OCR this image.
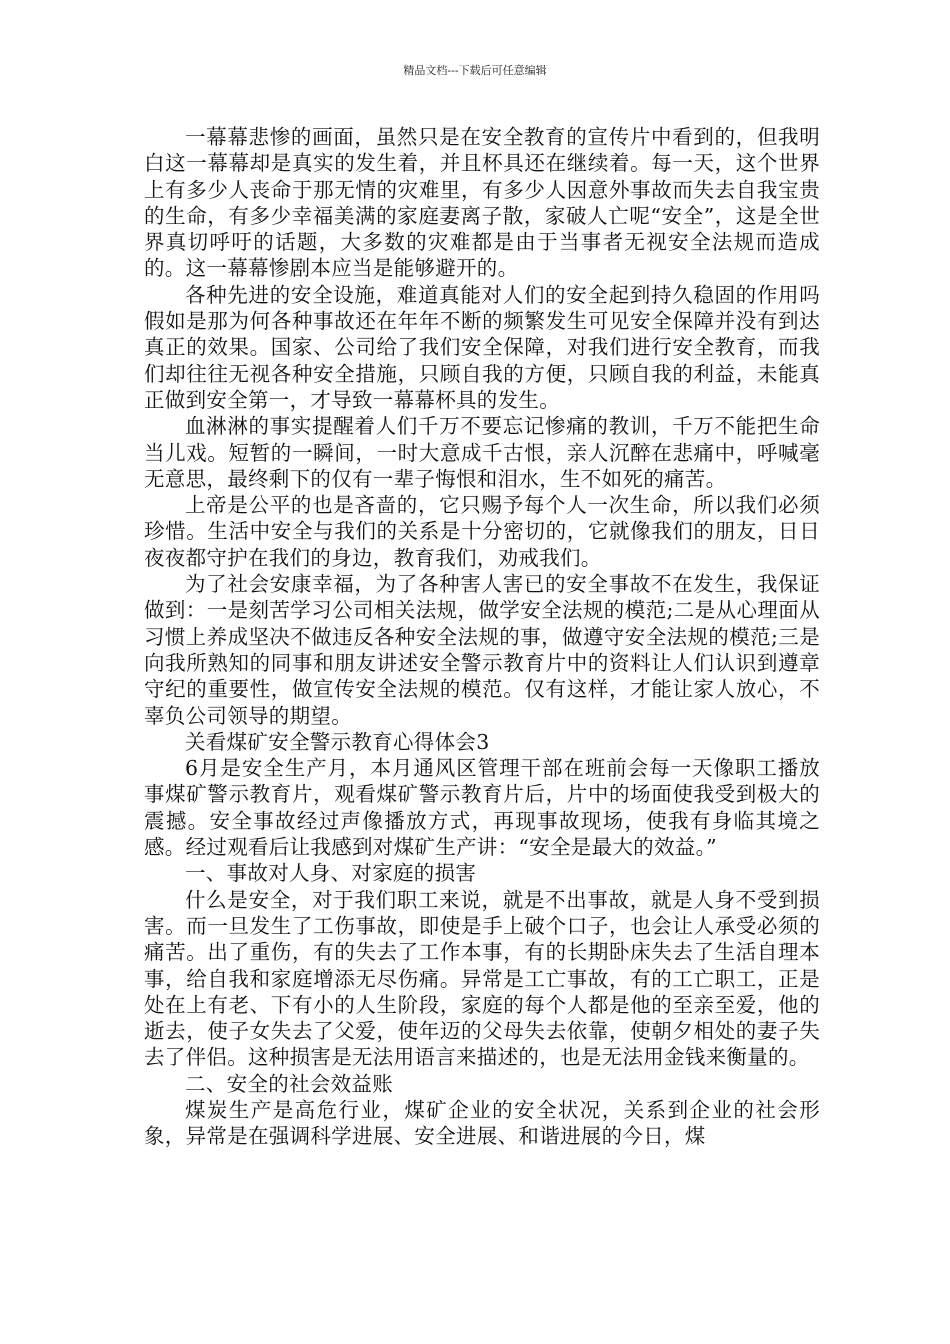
精品文档---下载后可任意编辑

一幕幕悲惨的画面，虽然只是在安全教育的宣传片中看到的，但我明白这一幕幕却是真实的发生着，并且杯具还在继续着。每一天，这个世界上有多少人丧命于那无情的灾难里，有多少人因意外事故而失去自我宝贵的生命，有多少幸福美满的家庭妻离子散，家破人亡呢“安全”，这是全世界真切呼吁的话题，大多数的灾难都是由于当事者无视安全法规而造成的。这一幕幕惨剧本应当是能够避开的。

各种先进的安全设施，难道真能对人们的安全起到持久稳固的作用吗假如是那为何各种事故还在年年不断的频繁发生可见安全保障并没有到达真正的效果。国家、公司给了我们安全保障，对我们进行安全教育，而我们却往往无视各种安全措施，只顾自我的方便，只顾自我的利益，未能真正做到安全第一，才导致一幕幕杯具的发生。

血淋淋的事实提醒着人们千万不要忘记惨痛的教训，千万不能把生命当儿戏。短暂的一瞬间，一时大意成千古恨，亲人沉醉在悲痛中，呼喊毫无意思，最终剩下的仅有一辈子悔恨和泪水，生不如死的痛苦。

上帝是公平的也是吝啬的，它只赐予每个人一次生命，所以我们必须珍惜。生活中安全与我们的关系是十分密切的，它就像我们的朋友，日日夜夜都守护在我们的身边，教育我们，劝戒我们。

为了社会安康幸福，为了各种害人害已的安全事故不在发生，我保证做到：一是刻苦学习公司相关法规，做学安全法规的模范;二是从心理面从习惯上养成坚决不做违反各种安全法规的事，做遵守安全法规的模范;三是向我所熟知的同事和朋友讲述安全警示教育片中的资料让人们认识到遵章守纪的重要性，做宣传安全法规的模范。仅有这样，才能让家人放心，不辜负公司领导的期望。

关看煤矿安全警示教育心得体会3

6月是安全生产月，本月通风区管理干部在班前会每一天像职工播放事煤矿警示教育片，观看煤矿警示教育片后，片中的场面使我受到极大的震撼。安全事故经过声像播放方式，再现事故现场，使我有身临其境之感。经过观看后让我感到对煤矿生产讲：“安全是最大的效益。”

一、事故对人身、对家庭的损害

什么是安全，对于我们职工来说，就是不出事故，就是人身不受到损害。而一旦发生了工伤事故，即使是手上破个口子，也会让人承受必须的痛苦。出了重伤，有的失去了工作本事，有的长期卧床失去了生活自理本事，给自我和家庭增添无尽伤痛。异常是工亡事故，有的工亡职工，正是处在上有老、下有小的人生阶段，家庭的每个人都是他的至亲至爱，他的逝去，使子女失去了父爱，使年迈的父母失去依靠，使朝夕相处的妻子失去了伴侣。这种损害是无法用语言来描述的，也是无法用金钱来衡量的。

二、安全的社会效益账

煤炭生产是高危行业，煤矿企业的安全状况，关系到企业的社会形象，异常是在强调科学进展、安全进展、和谐进展的今日，煤
